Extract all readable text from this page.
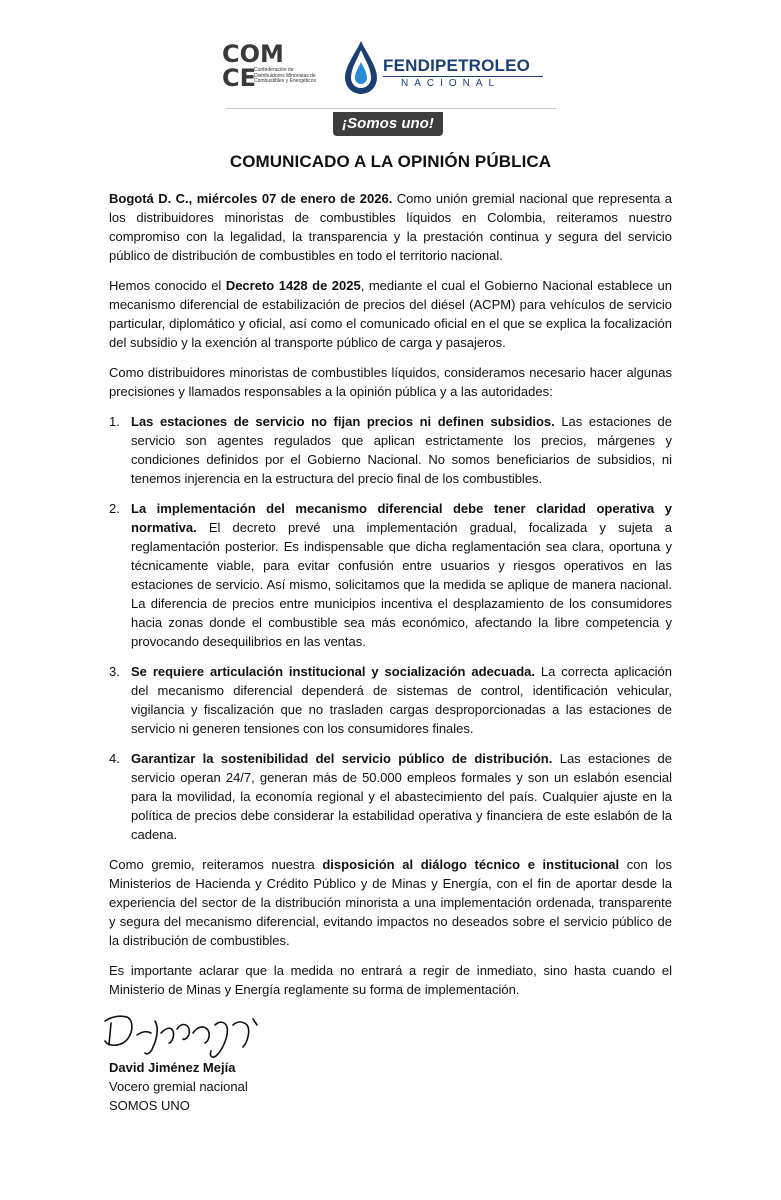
COM
CE
Confederación de Distribuidores Minoristas de Combustibles y Energéticos
FENDIPETROLEO
NACIONAL
¡Somos uno!
COMUNICADO A LA OPINIÓN PÚBLICA

Bogotá D. C., miércoles 07 de enero de 2026. Como unión gremial nacional que representa a los distribuidores minoristas de combustibles líquidos en Colombia, reiteramos nuestro compromiso con la legalidad, la transparencia y la prestación continua y segura del servicio público de distribución de combustibles en todo el territorio nacional.

Hemos conocido el Decreto 1428 de 2025, mediante el cual el Gobierno Nacional establece un mecanismo diferencial de estabilización de precios del diésel (ACPM) para vehículos de servicio particular, diplomático y oficial, así como el comunicado oficial en el que se explica la focalización del subsidio y la exención al transporte público de carga y pasajeros.

Como distribuidores minoristas de combustibles líquidos, consideramos necesario hacer algunas precisiones y llamados responsables a la opinión pública y a las autoridades:

1. Las estaciones de servicio no fijan precios ni definen subsidios. Las estaciones de servicio son agentes regulados que aplican estrictamente los precios, márgenes y condiciones definidos por el Gobierno Nacional. No somos beneficiarios de subsidios, ni tenemos injerencia en la estructura del precio final de los combustibles.
2. La implementación del mecanismo diferencial debe tener claridad operativa y normativa. El decreto prevé una implementación gradual, focalizada y sujeta a reglamentación posterior. Es indispensable que dicha reglamentación sea clara, oportuna y técnicamente viable, para evitar confusión entre usuarios y riesgos operativos en las estaciones de servicio. Así mismo, solicitamos que la medida se aplique de manera nacional. La diferencia de precios entre municipios incentiva el desplazamiento de los consumidores hacia zonas donde el combustible sea más económico, afectando la libre competencia y provocando desequilibrios en las ventas.
3. Se requiere articulación institucional y socialización adecuada. La correcta aplicación del mecanismo diferencial dependerá de sistemas de control, identificación vehicular, vigilancia y fiscalización que no trasladen cargas desproporcionadas a las estaciones de servicio ni generen tensiones con los consumidores finales.
4. Garantizar la sostenibilidad del servicio público de distribución. Las estaciones de servicio operan 24/7, generan más de 50.000 empleos formales y son un eslabón esencial para la movilidad, la economía regional y el abastecimiento del país. Cualquier ajuste en la política de precios debe considerar la estabilidad operativa y financiera de este eslabón de la cadena.

Como gremio, reiteramos nuestra disposición al diálogo técnico e institucional con los Ministerios de Hacienda y Crédito Público y de Minas y Energía, con el fin de aportar desde la experiencia del sector de la distribución minorista a una implementación ordenada, transparente y segura del mecanismo diferencial, evitando impactos no deseados sobre el servicio público de la distribución de combustibles.

Es importante aclarar que la medida no entrará a regir de inmediato, sino hasta cuando el Ministerio de Minas y Energía reglamente su forma de implementación.

David Jiménez Mejía
Vocero gremial nacional
SOMOS UNO
